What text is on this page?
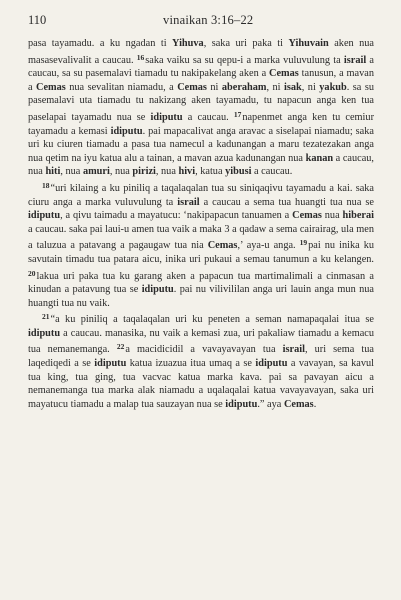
110	vinaikan 3:16–22

pasa tayamadu. a ku ngadan ti Yihuva, saka uri paka ti Yihuvain aken nua masasevalivalit a caucau. $^{16}$saka vaiku sa su qepu-i a marka vuluvulung ta israil a caucau, sa su pasemalavi tiamadu tu nakipakelang aken a Cemas tanusun, a mavan a Cemas nua sevalitan niamadu, a Cemas ni aberaham, ni isak, ni yakub. sa su pasemalavi uta tiamadu tu nakizang aken tayamadu, tu napacun anga ken tua paselapai tayamadu nua se idiputu a caucau. $^{17}$napenmet anga ken tu cemiur tayamadu a kemasi idiputu. pai mapacalivat anga aravac a siselapai niamadu; saka uri ku ciuren tiamadu a pasa tua namecul a kadunangan a maru tezatezakan anga nua qetim na iyu katua alu a tainan, a mavan azua kadunangan nua kanan a caucau, nua hiti, nua amuri, nua pirizi, nua hivi, katua yibusi a caucau.

$^{18}$“uri kilaing a ku piniliq a taqalaqalan tua su siniqaqivu tayamadu a kai. saka ciuru anga a marka vuluvulung ta israil a caucau a sema tua huangti tua nua se idiputu, a qivu taimadu a mayatucu: ‘nakipapacun tanuamen a Cemas nua hiberai a caucau. saka pai laui-u amen tua vaik a maka 3 a qadaw a sema cairairag, ula men a taluzua a patavang a pagaugaw tua nia Cemas,’ aya-u anga. $^{19}$pai nu inika ku savutain timadu tua patara aicu, inika uri pukaui a semau tanumun a ku kelangen. $^{20}$lakua uri paka tua ku garang aken a papacun tua martimalimali a cinmasan a kinudan a patavung tua se idiputu. pai nu vilivililan anga uri lauin anga mun nua huangti tua nu vaik.

$^{21}$“a ku piniliq a taqalaqalan uri ku peneten a seman namapaqalai itua se idiputu a caucau. manasika, nu vaik a kemasi zua, uri pakaliaw tiamadu a kemacu tua nemanemanga. $^{22}$a macidicidil a vavayavayan tua israil, uri sema tua laqediqedi a se idiputu katua izuazua itua umaq a se idiputu a vavayan, sa kavul tua king, tua ging, tua vacvac katua marka kava. pai sa pavayan aicu a nemanemanga tua marka alak niamadu a uqalaqalai katua vavayavayan, saka uri mayatucu tiamadu a malap tua sauzayan nua se idiputu.” aya Cemas.
